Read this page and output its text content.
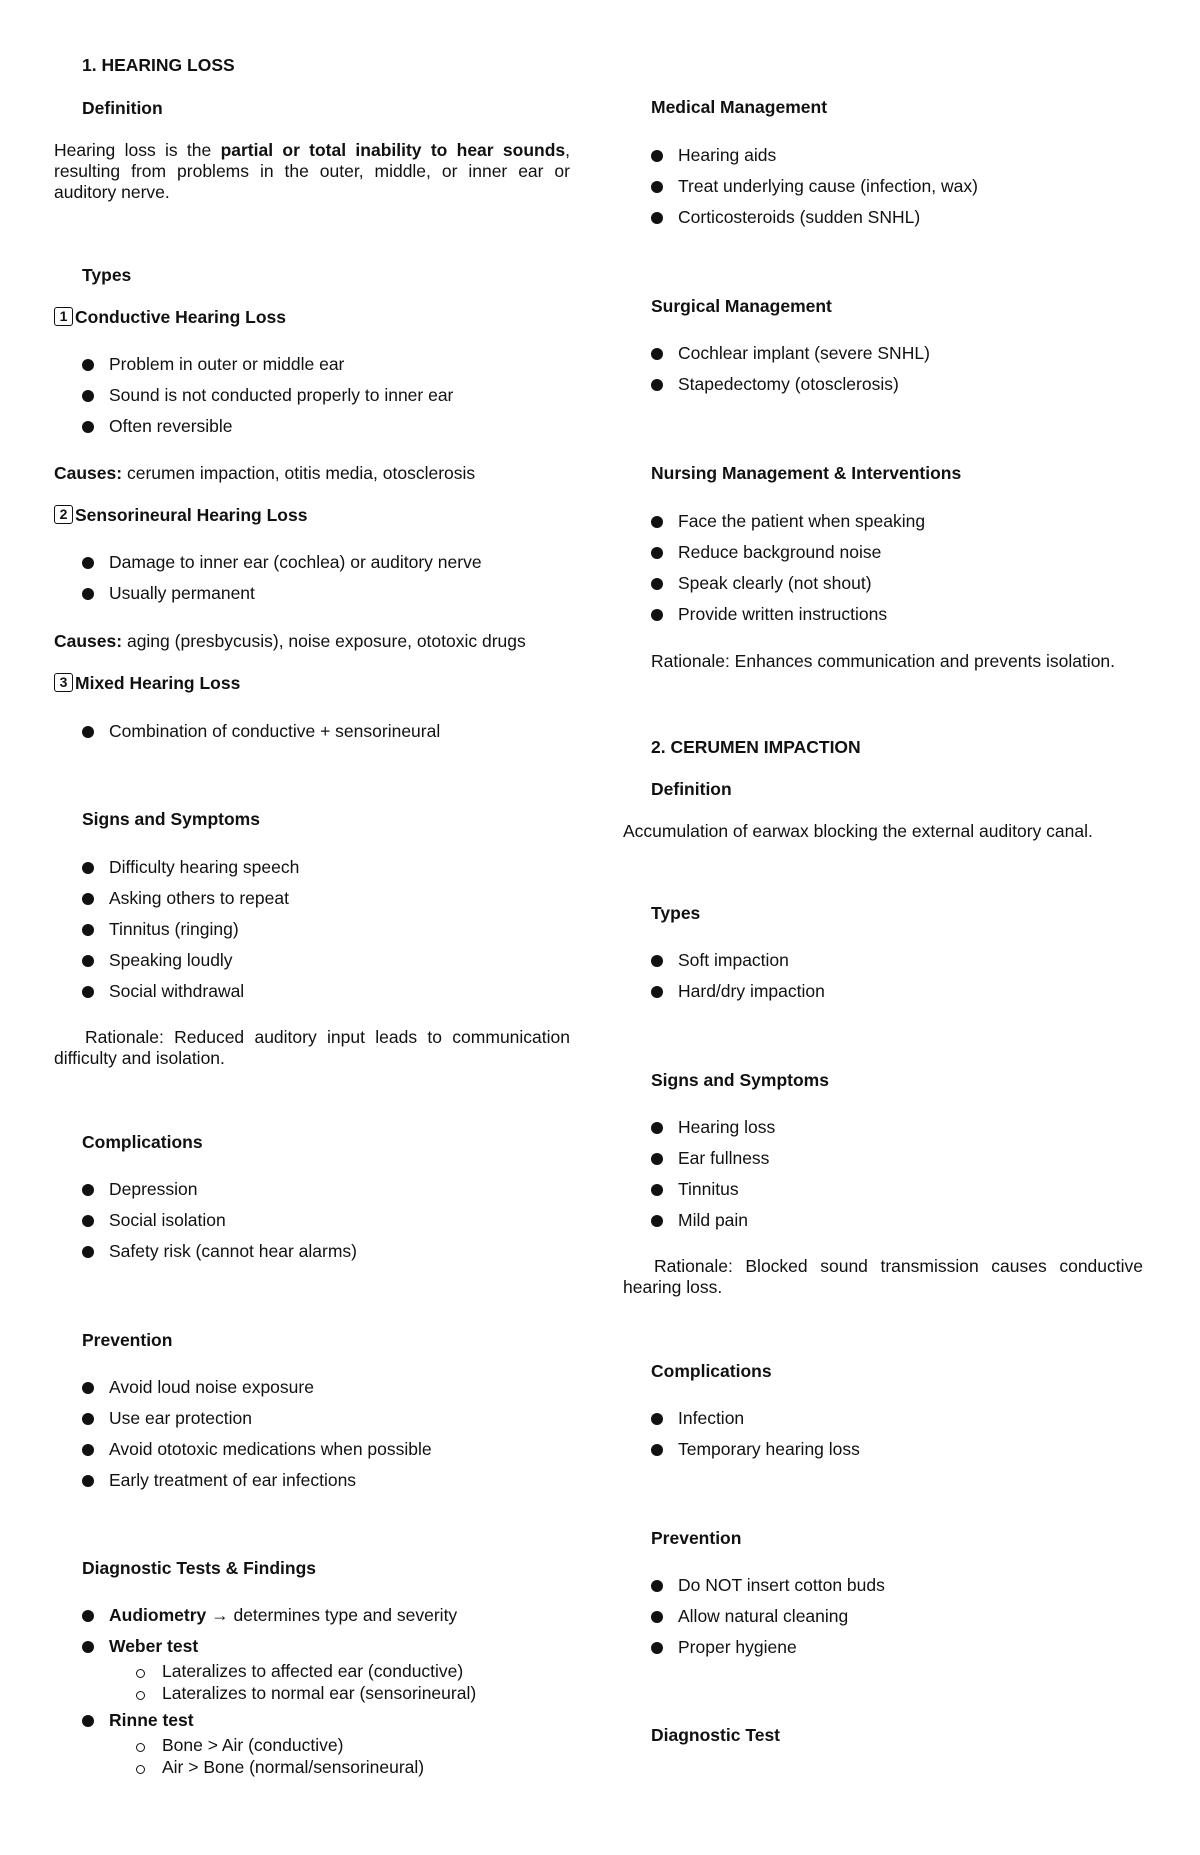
1. HEARING LOSS
Definition
Hearing loss is the partial or total inability to hear sounds, resulting from problems in the outer, middle, or inner ear or auditory nerve.
Types
1 Conductive Hearing Loss
Problem in outer or middle ear
Sound is not conducted properly to inner ear
Often reversible
Causes: cerumen impaction, otitis media, otosclerosis
2 Sensorineural Hearing Loss
Damage to inner ear (cochlea) or auditory nerve
Usually permanent
Causes: aging (presbycusis), noise exposure, ototoxic drugs
3 Mixed Hearing Loss
Combination of conductive + sensorineural
Signs and Symptoms
Difficulty hearing speech
Asking others to repeat
Tinnitus (ringing)
Speaking loudly
Social withdrawal
Rationale: Reduced auditory input leads to communication difficulty and isolation.
Complications
Depression
Social isolation
Safety risk (cannot hear alarms)
Prevention
Avoid loud noise exposure
Use ear protection
Avoid ototoxic medications when possible
Early treatment of ear infections
Diagnostic Tests & Findings
Audiometry → determines type and severity
Weber test
Lateralizes to affected ear (conductive)
Lateralizes to normal ear (sensorineural)
Rinne test
Bone > Air (conductive)
Air > Bone (normal/sensorineural)
Medical Management
Hearing aids
Treat underlying cause (infection, wax)
Corticosteroids (sudden SNHL)
Surgical Management
Cochlear implant (severe SNHL)
Stapedectomy (otosclerosis)
Nursing Management & Interventions
Face the patient when speaking
Reduce background noise
Speak clearly (not shout)
Provide written instructions
Rationale: Enhances communication and prevents isolation.
2. CERUMEN IMPACTION
Definition
Accumulation of earwax blocking the external auditory canal.
Types
Soft impaction
Hard/dry impaction
Signs and Symptoms
Hearing loss
Ear fullness
Tinnitus
Mild pain
Rationale: Blocked sound transmission causes conductive hearing loss.
Complications
Infection
Temporary hearing loss
Prevention
Do NOT insert cotton buds
Allow natural cleaning
Proper hygiene
Diagnostic Test
